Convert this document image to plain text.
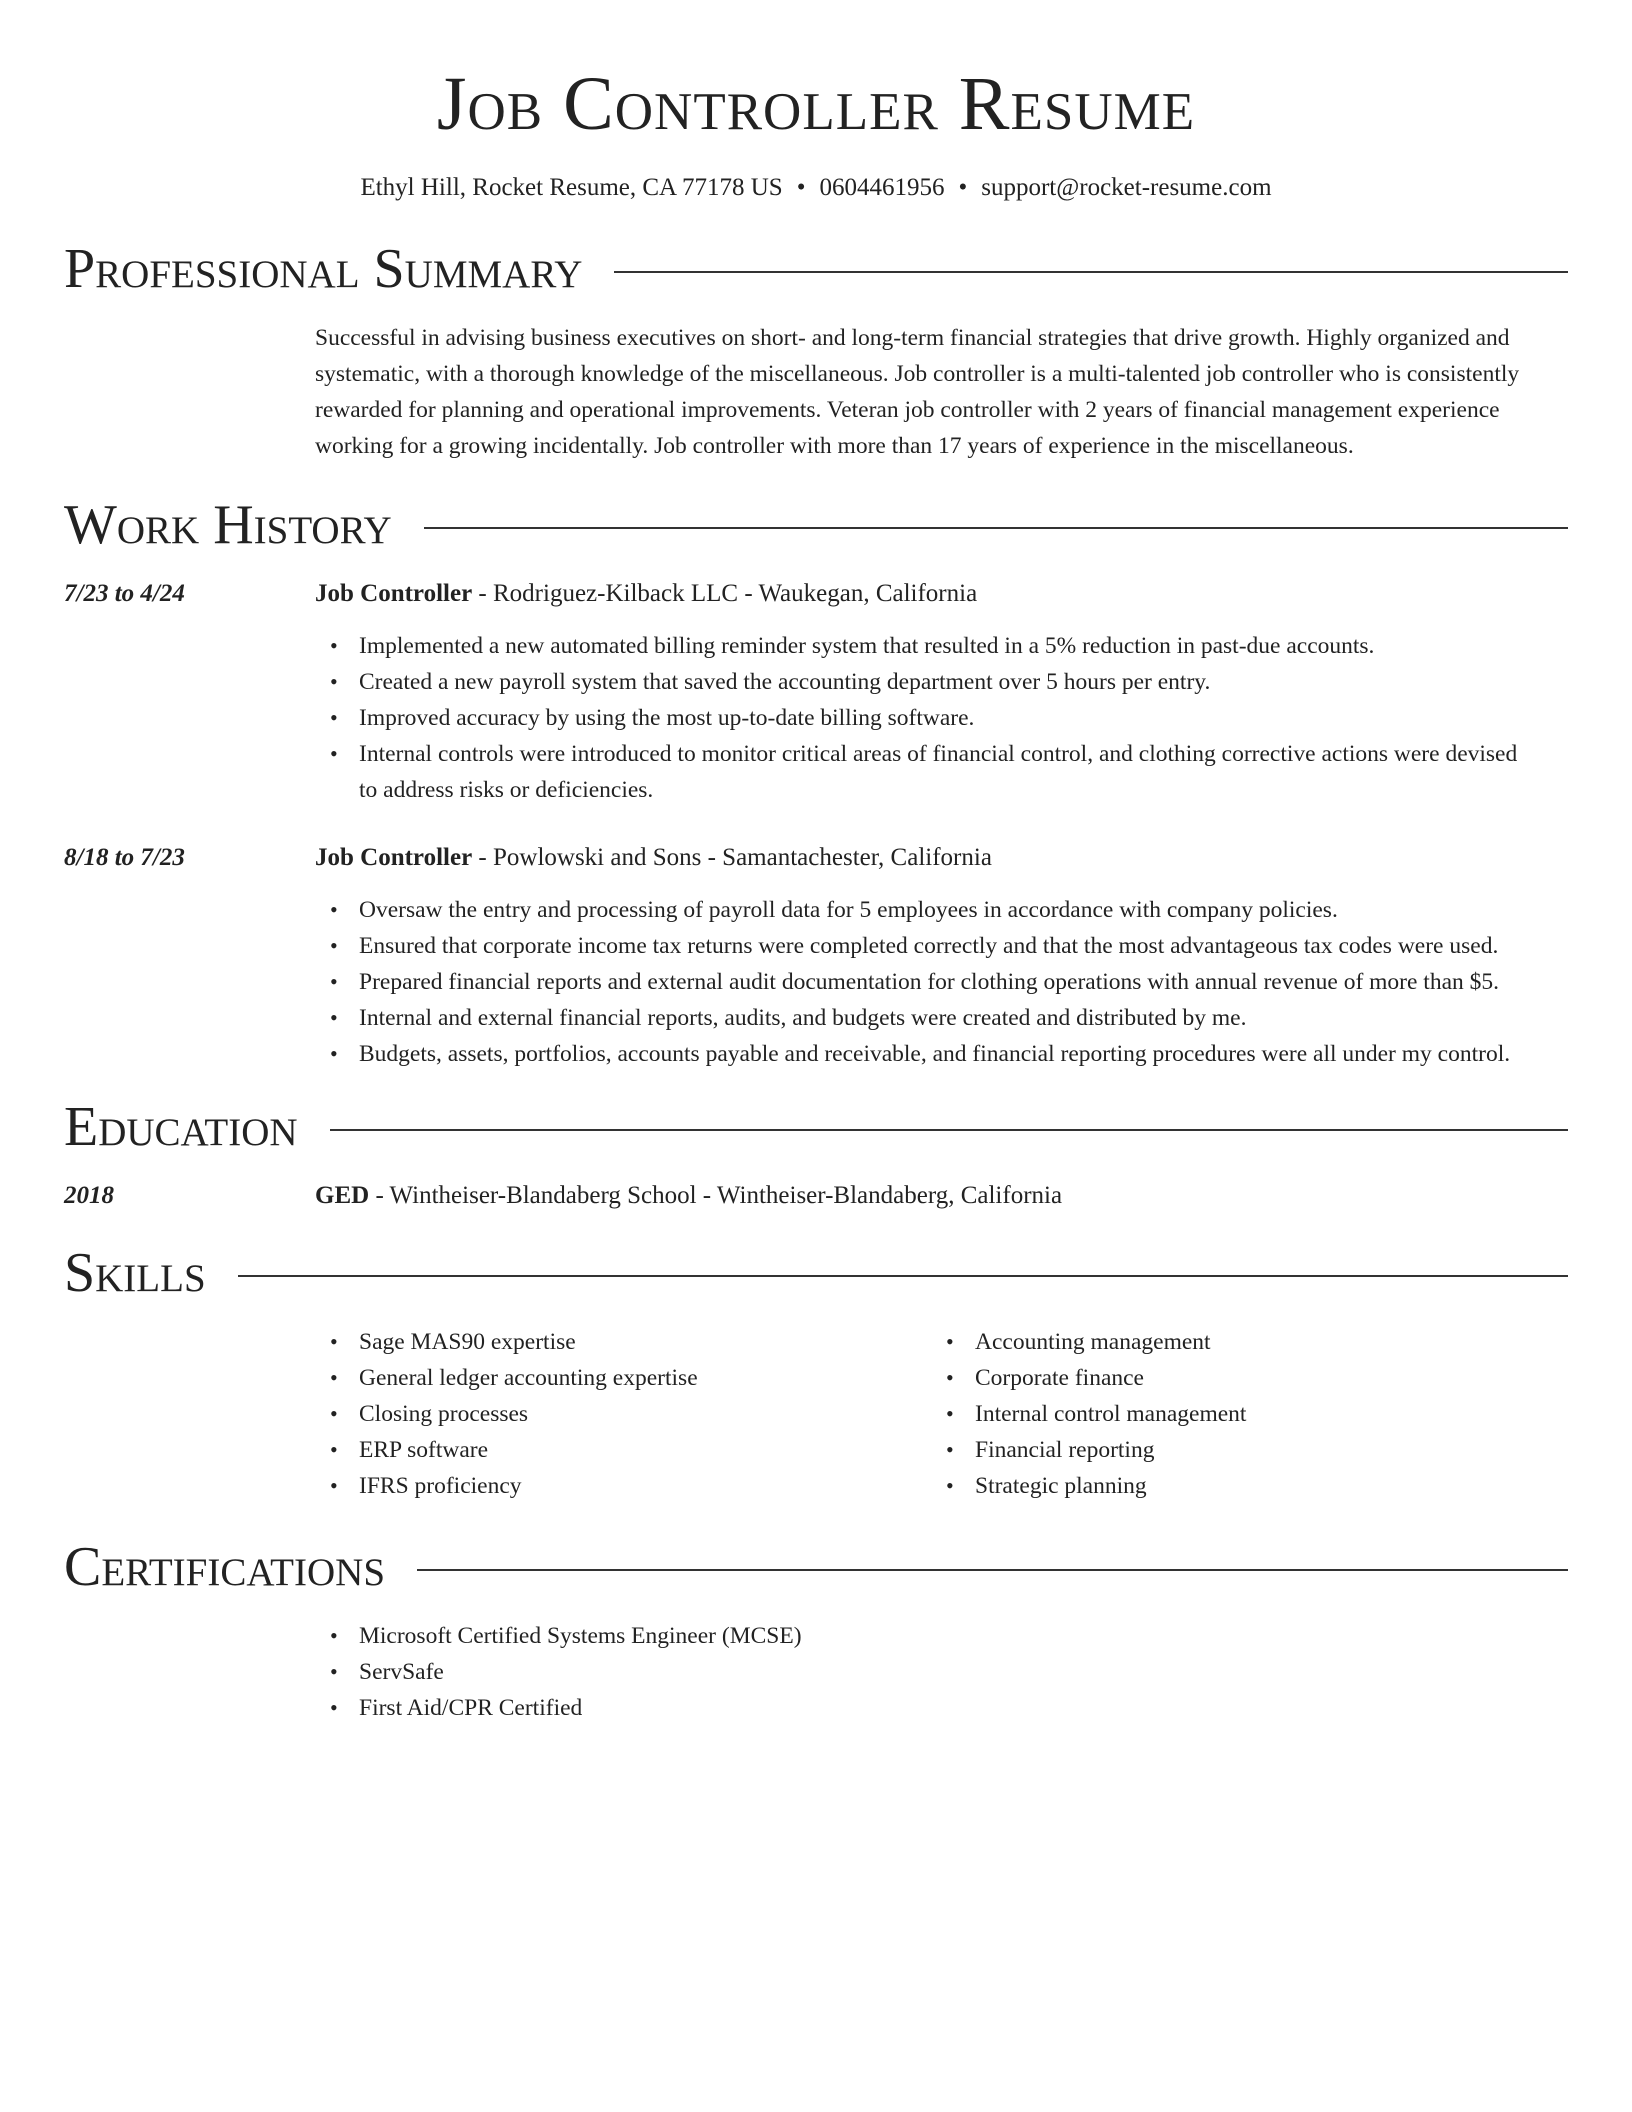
Job Controller Resume
Ethyl Hill, Rocket Resume, CA 77178 US • 0604461956 • support@rocket-resume.com
Professional Summary
Successful in advising business executives on short- and long-term financial strategies that drive growth. Highly organized and systematic, with a thorough knowledge of the miscellaneous. Job controller is a multi-talented job controller who is consistently rewarded for planning and operational improvements. Veteran job controller with 2 years of financial management experience working for a growing incidentally. Job controller with more than 17 years of experience in the miscellaneous.
Work History
7/23 to 4/24	Job Controller - Rodriguez-Kilback LLC - Waukegan, California
• Implemented a new automated billing reminder system that resulted in a 5% reduction in past-due accounts.
• Created a new payroll system that saved the accounting department over 5 hours per entry.
• Improved accuracy by using the most up-to-date billing software.
• Internal controls were introduced to monitor critical areas of financial control, and clothing corrective actions were devised to address risks or deficiencies.
8/18 to 7/23	Job Controller - Powlowski and Sons - Samantachester, California
• Oversaw the entry and processing of payroll data for 5 employees in accordance with company policies.
• Ensured that corporate income tax returns were completed correctly and that the most advantageous tax codes were used.
• Prepared financial reports and external audit documentation for clothing operations with annual revenue of more than $5.
• Internal and external financial reports, audits, and budgets were created and distributed by me.
• Budgets, assets, portfolios, accounts payable and receivable, and financial reporting procedures were all under my control.
Education
2018	GED - Wintheiser-Blandaberg School - Wintheiser-Blandaberg, California
Skills
• Sage MAS90 expertise
• General ledger accounting expertise
• Closing processes
• ERP software
• IFRS proficiency
• Accounting management
• Corporate finance
• Internal control management
• Financial reporting
• Strategic planning
Certifications
• Microsoft Certified Systems Engineer (MCSE)
• ServSafe
• First Aid/CPR Certified
